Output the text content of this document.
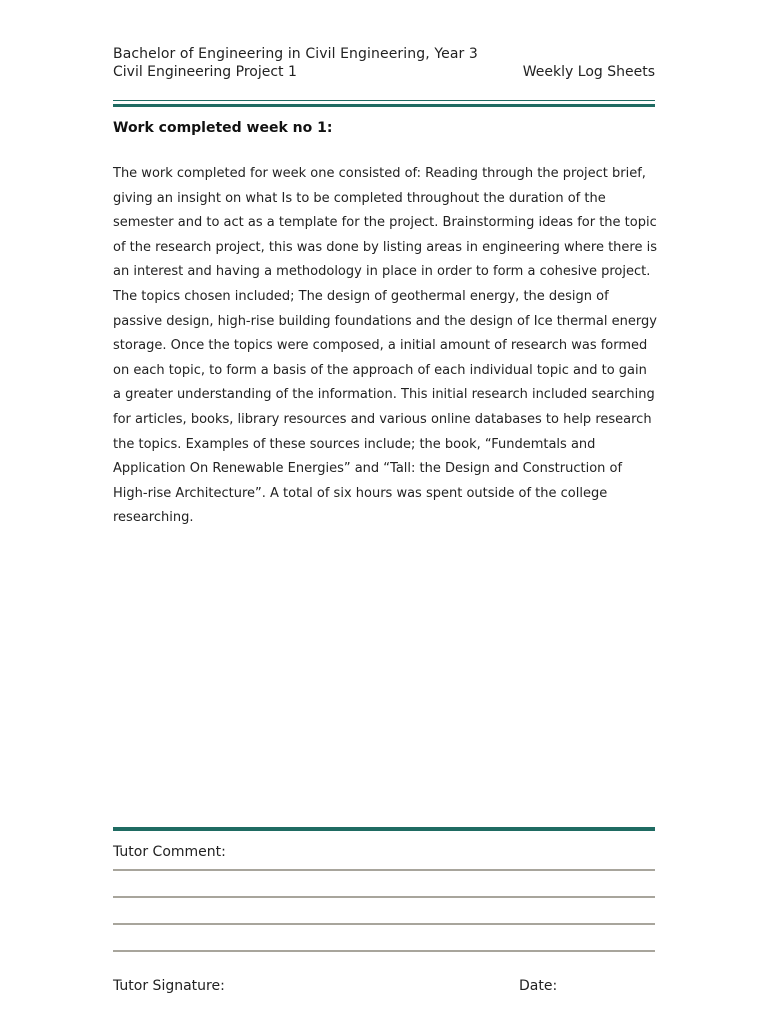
Bachelor of Engineering in Civil Engineering, Year 3
Civil Engineering Project 1	Weekly Log Sheets
Work completed week no 1:
The work completed for week one consisted of: Reading through the project brief, giving an insight on what Is to be completed throughout the duration of the semester and to act as a template for the project. Brainstorming ideas for the topic of the research project, this was done by listing areas in engineering where there is an interest and having a methodology in place in order to form a cohesive project. The topics chosen included; The design of geothermal energy, the design of passive design, high-rise building foundations and the design of Ice thermal energy storage. Once the topics were composed, a initial amount of research was formed on each topic, to form a basis of the approach of each individual topic and to gain a greater understanding of the information. This initial research included searching for articles, books, library resources and various online databases to help research the topics. Examples of these sources include; the book, “Fundemtals and Application On Renewable Energies” and “Tall: the Design and Construction of High-rise Architecture”. A total of six hours was spent outside of the college researching.
Tutor Comment:
Tutor Signature:	Date:
